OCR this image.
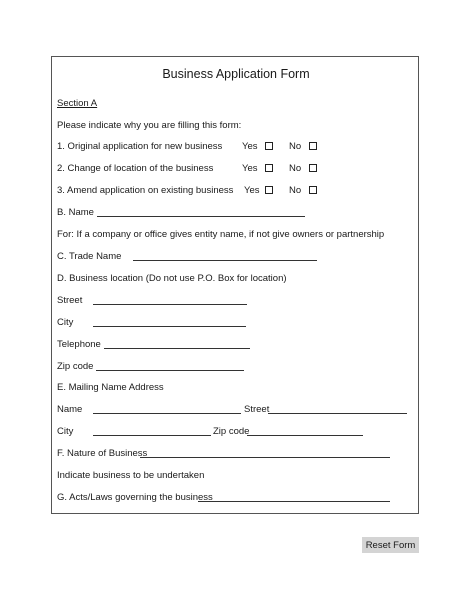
Business Application Form
Section A
Please indicate why you are filling this form:
1. Original application for new business Yes	No
2. Change of location of the business	Yes	No
3. Amend application on existing business Yes	No
B. Name
For: If a company or office gives entity name, if not give owners or partnership
C. Trade Name
D. Business location (Do not use P.O. Box for location)
Street
City
Telephone
Zip code
E. Mailing Name Address
Name	Street
City	Zip code
F. Nature of Business
Indicate business to be undertaken
G. Acts/Laws governing the business
Reset Form
